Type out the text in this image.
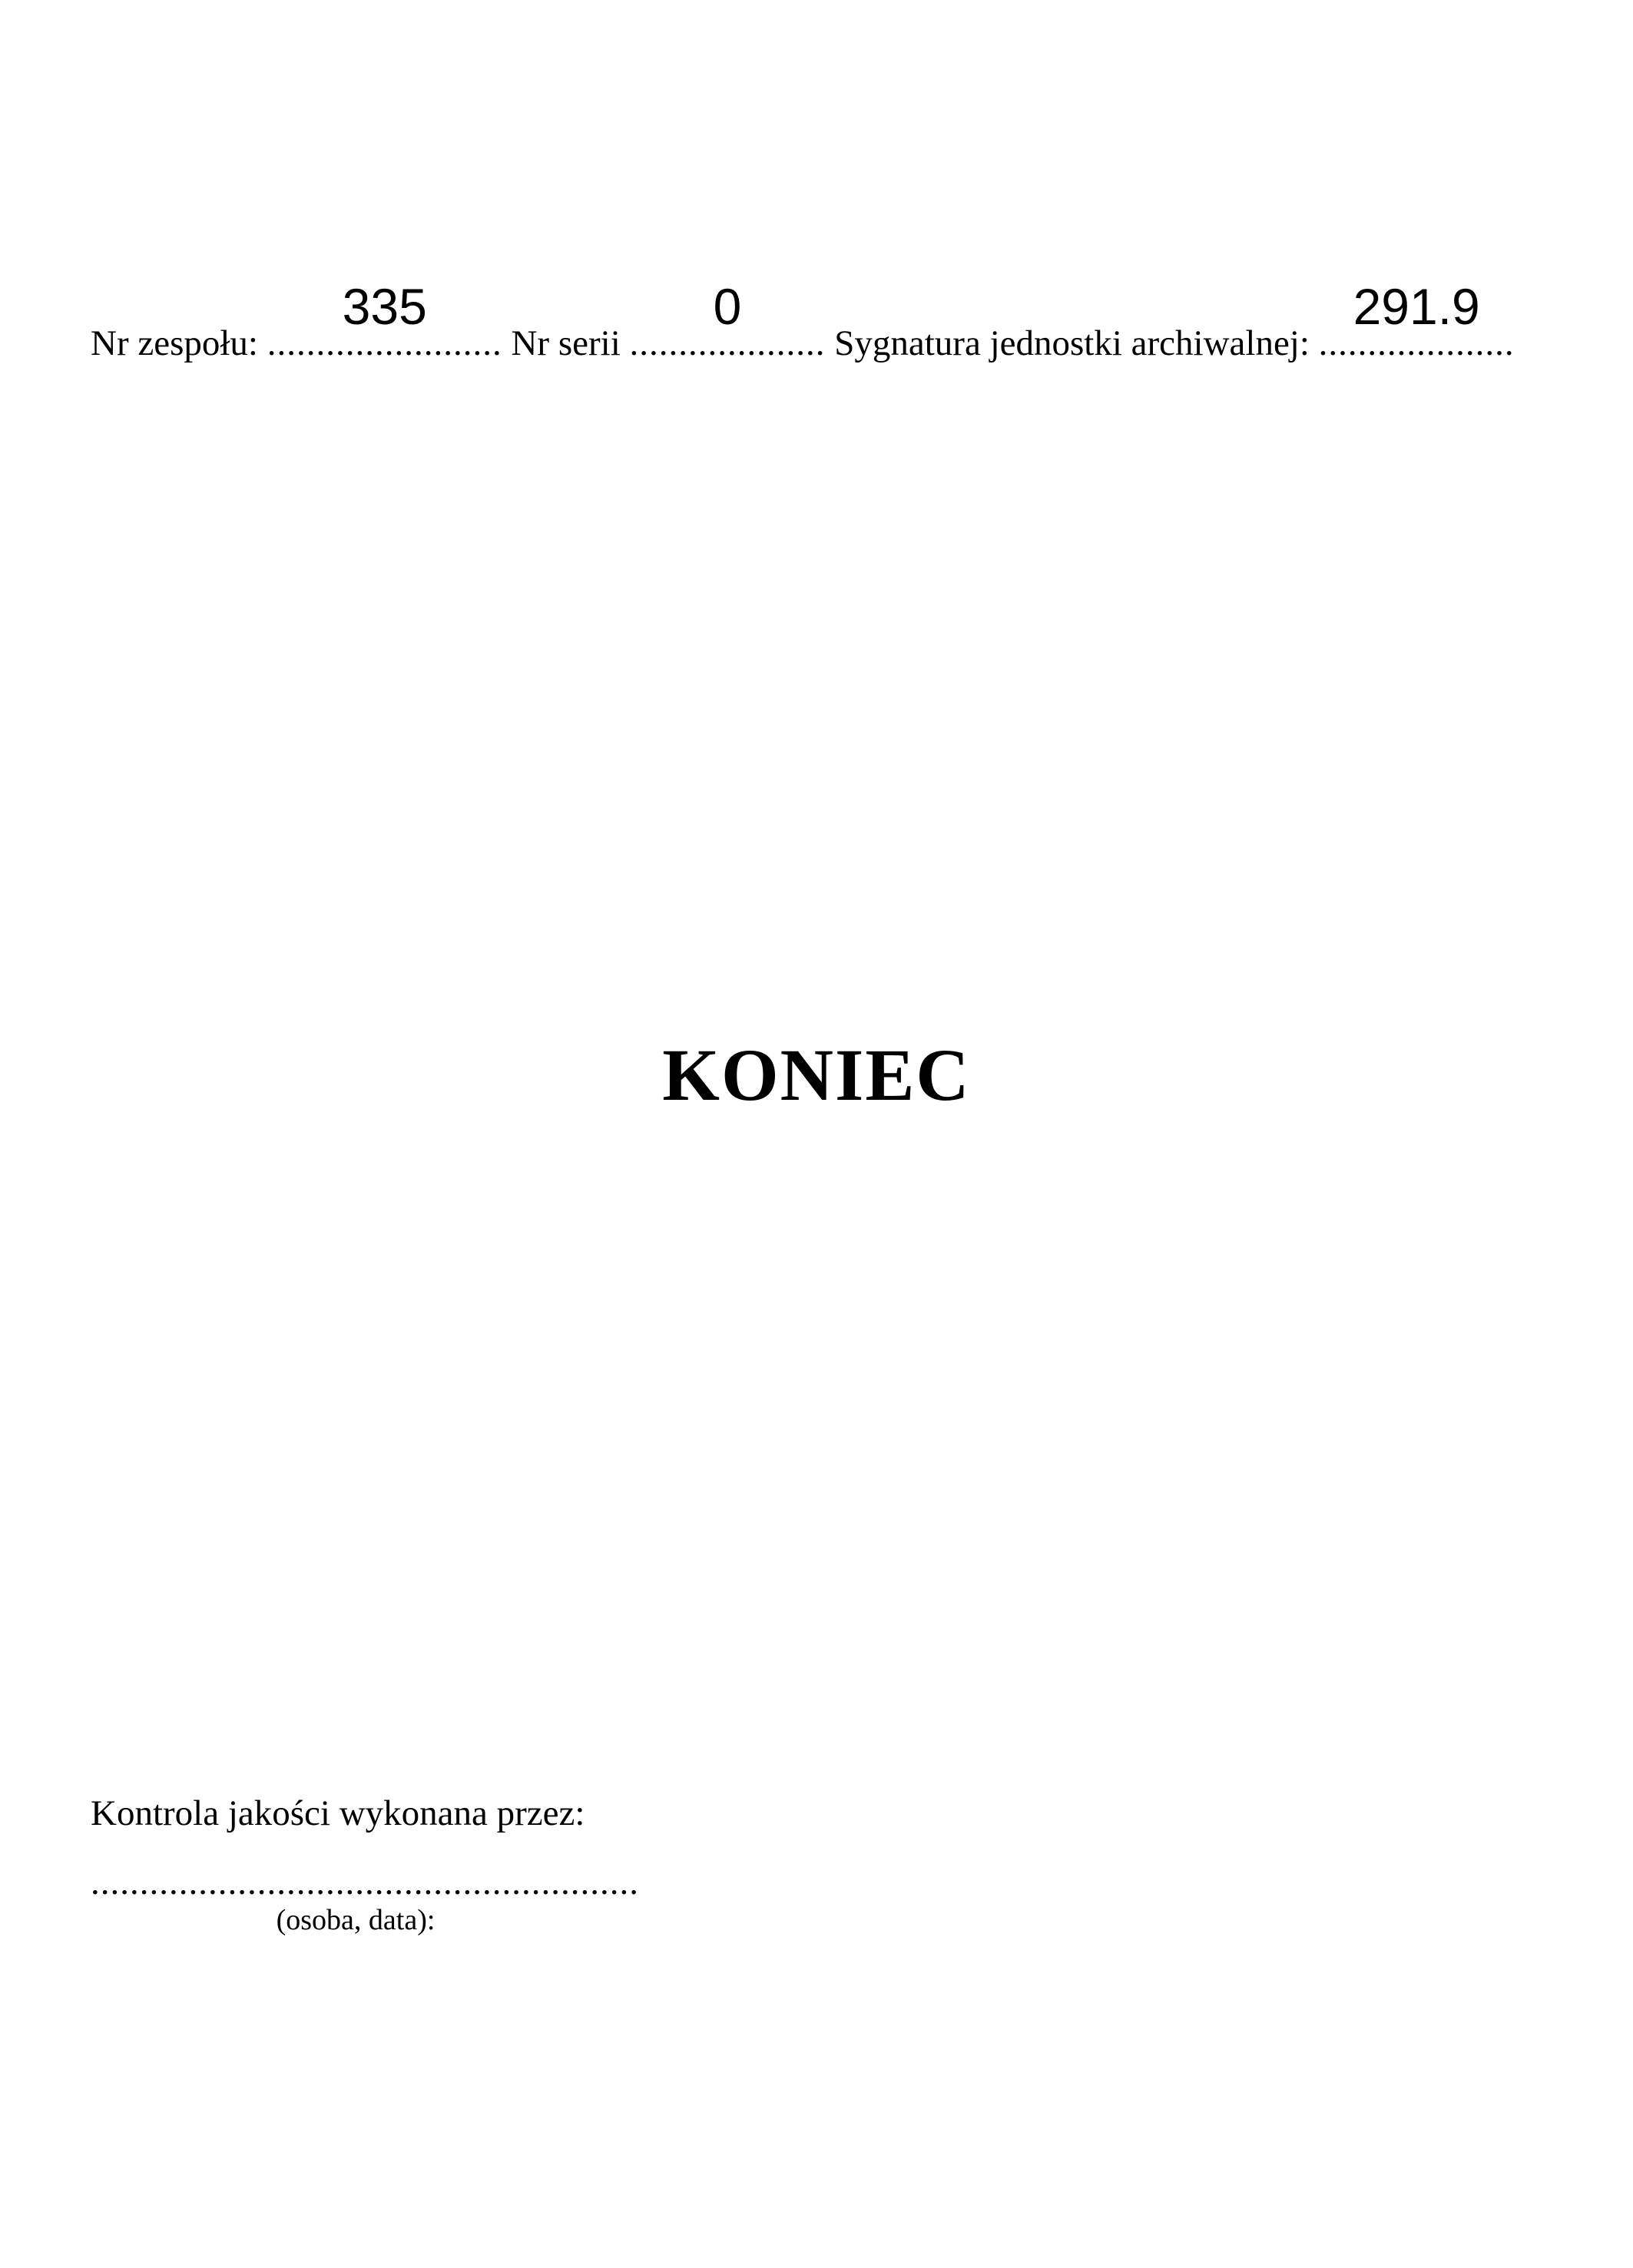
Nr zespołu: ........................
335
Nr serii ....................
0
Sygnatura jednostki archiwalnej: ....................
291.9
KONIEC
Kontrola jakości wykonana przez:
........................................................
(osoba, data):
